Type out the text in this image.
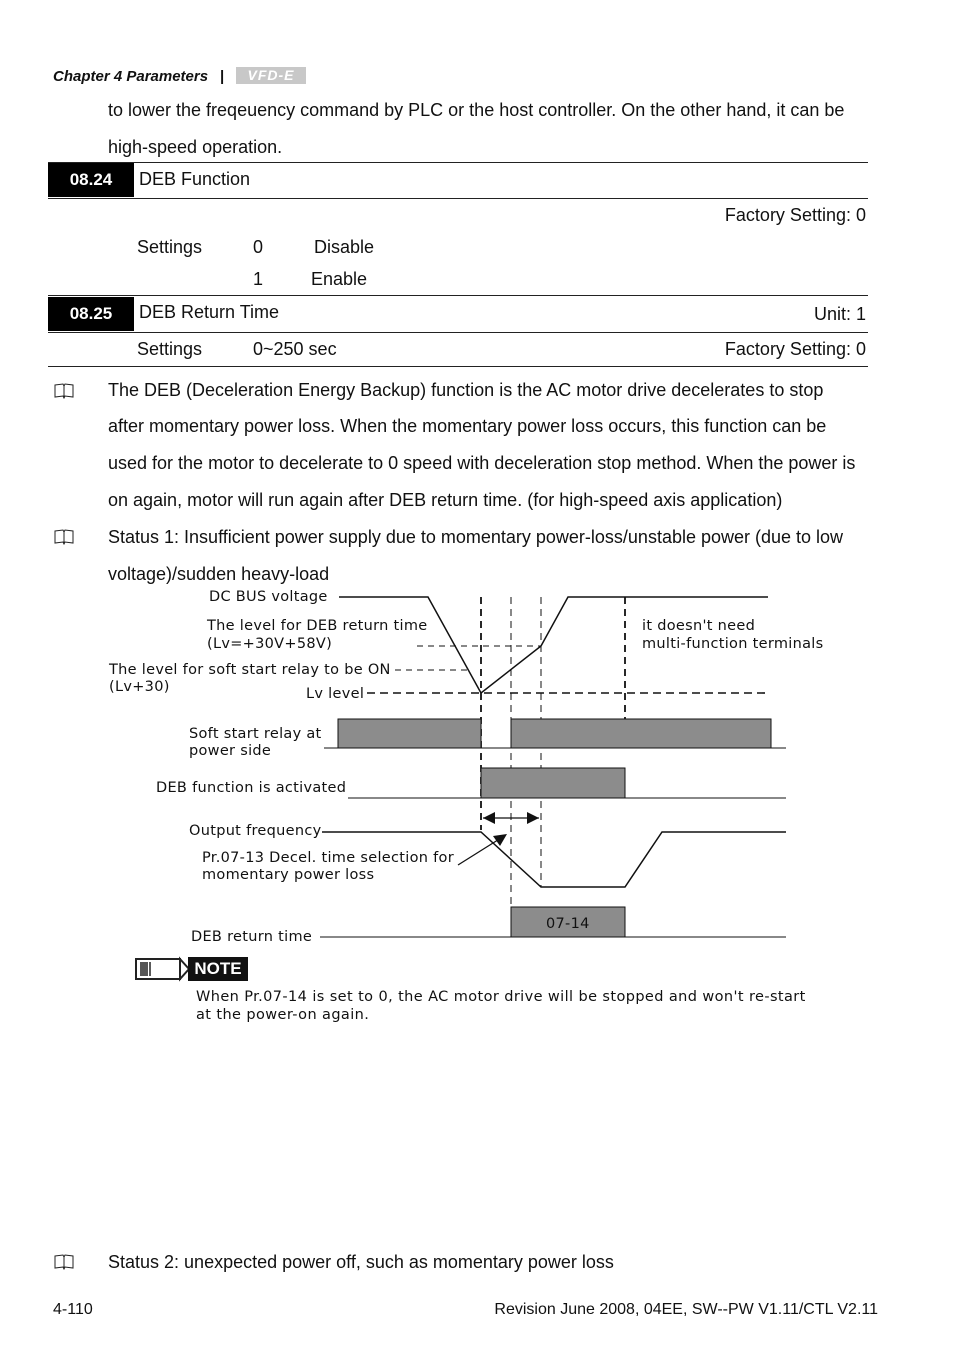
Chapter 4 Parameters |	VFD-E
to lower the freqeuency command by PLC or the host controller. On the other hand, it can be
high-speed operation.
08.24	DEB Function
Factory Setting: 0
Settings	0	Disable
1	Enable
08.25	DEB Return Time	Unit: 1
Settings	0~250 sec	Factory Setting: 0
The DEB (Deceleration Energy Backup) function is the AC motor drive decelerates to stop
after momentary power loss. When the momentary power loss occurs, this function can be
used for the motor to decelerate to 0 speed with deceleration stop method. When the power is
on again, motor will run again after DEB return time. (for high-speed axis application)
Status 1: Insufficient power supply due to momentary power-loss/unstable power (due to low
voltage)/sudden heavy-load
DC BUS voltage
The level for DEB return time
(Lv=+30V+58V)
The level for soft start relay to be ON
(Lv+30)	Lv level
it doesn't need
multi-function terminals
Soft start relay at
power side
DEB function is activated
Output frequency
Pr.07-13 Decel. time selection for
momentary power loss
07-14
DEB return time
NOTE
When Pr.07-14 is set to 0, the AC motor drive will be stopped and won't re-start
at the power-on again.
Status 2: unexpected power off, such as momentary power loss
4-110	Revision June 2008, 04EE, SW--PW V1.11/CTL V2.11
